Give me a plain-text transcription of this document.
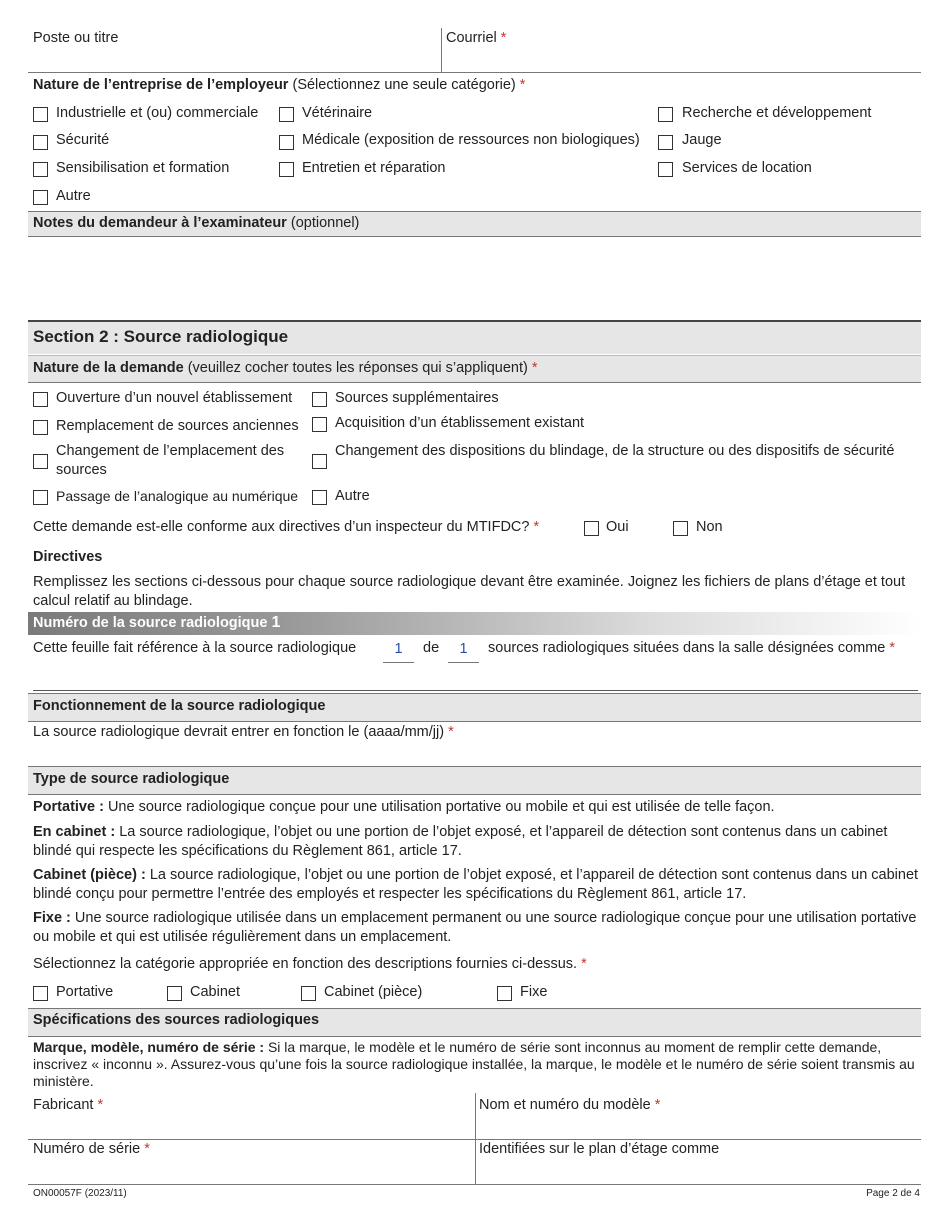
Poste ou titre	Courriel *
Nature de l’entreprise de l’employeur (Sélectionnez une seule catégorie) *
Industrielle et (ou) commerciale	Vétérinaire	Recherche et développement
Sécurité	Médicale (exposition de ressources non biologiques)	Jauge
Sensibilisation et formation	Entretien et réparation	Services de location
Autre
Notes du demandeur à l’examinateur (optionnel)
Section 2 : Source radiologique
Nature de la demande (veuillez cocher toutes les réponses qui s’appliquent) *
Ouverture d’un nouvel établissement	Sources supplémentaires
Remplacement de sources anciennes	Acquisition d’un établissement existant
Changement de l’emplacement des sources
Changement des dispositions du blindage, de la structure ou des dispositifs de sécurité
Passage de l’analogique au numérique	Autre
Cette demande est-elle conforme aux directives d’un inspecteur du MTIFDC? *	Oui	Non
Directives
Remplissez les sections ci-dessous pour chaque source radiologique devant être examinée. Joignez les fichiers de plans d’étage et tout calcul relatif au blindage.
Numéro de la source radiologique 1
Cette feuille fait référence à la source radiologique	1	de	1	sources radiologiques situées dans la salle désignées comme *
Fonctionnement de la source radiologique
La source radiologique devrait entrer en fonction le (aaaa/mm/jj) *
Type de source radiologique
Portative : Une source radiologique conçue pour une utilisation portative ou mobile et qui est utilisée de telle façon.
En cabinet : La source radiologique, l’objet ou une portion de l’objet exposé, et l’appareil de détection sont contenus dans un cabinet blindé qui respecte les spécifications du Règlement 861, article 17.
Cabinet (pièce) : La source radiologique, l’objet ou une portion de l’objet exposé, et l’appareil de détection sont contenus dans un cabinet blindé conçu pour permettre l’entrée des employés et respecter les spécifications du Règlement 861, article 17.
Fixe : Une source radiologique utilisée dans un emplacement permanent ou une source radiologique conçue pour une utilisation portative ou mobile et qui est utilisée régulièrement dans un emplacement.
Sélectionnez la catégorie appropriée en fonction des descriptions fournies ci-dessus. *
Portative	Cabinet	Cabinet (pièce)	Fixe
Spécifications des sources radiologiques
Marque, modèle, numéro de série : Si la marque, le modèle et le numéro de série sont inconnus au moment de remplir cette demande, inscrivez « inconnu ». Assurez-vous qu’une fois la source radiologique installée, la marque, le modèle et le numéro de série soient transmis au ministère.
Fabricant *	Nom et numéro du modèle *
Numéro de série *	Identifiées sur le plan d’étage comme
ON00057F (2023/11)	Page 2 de 4
